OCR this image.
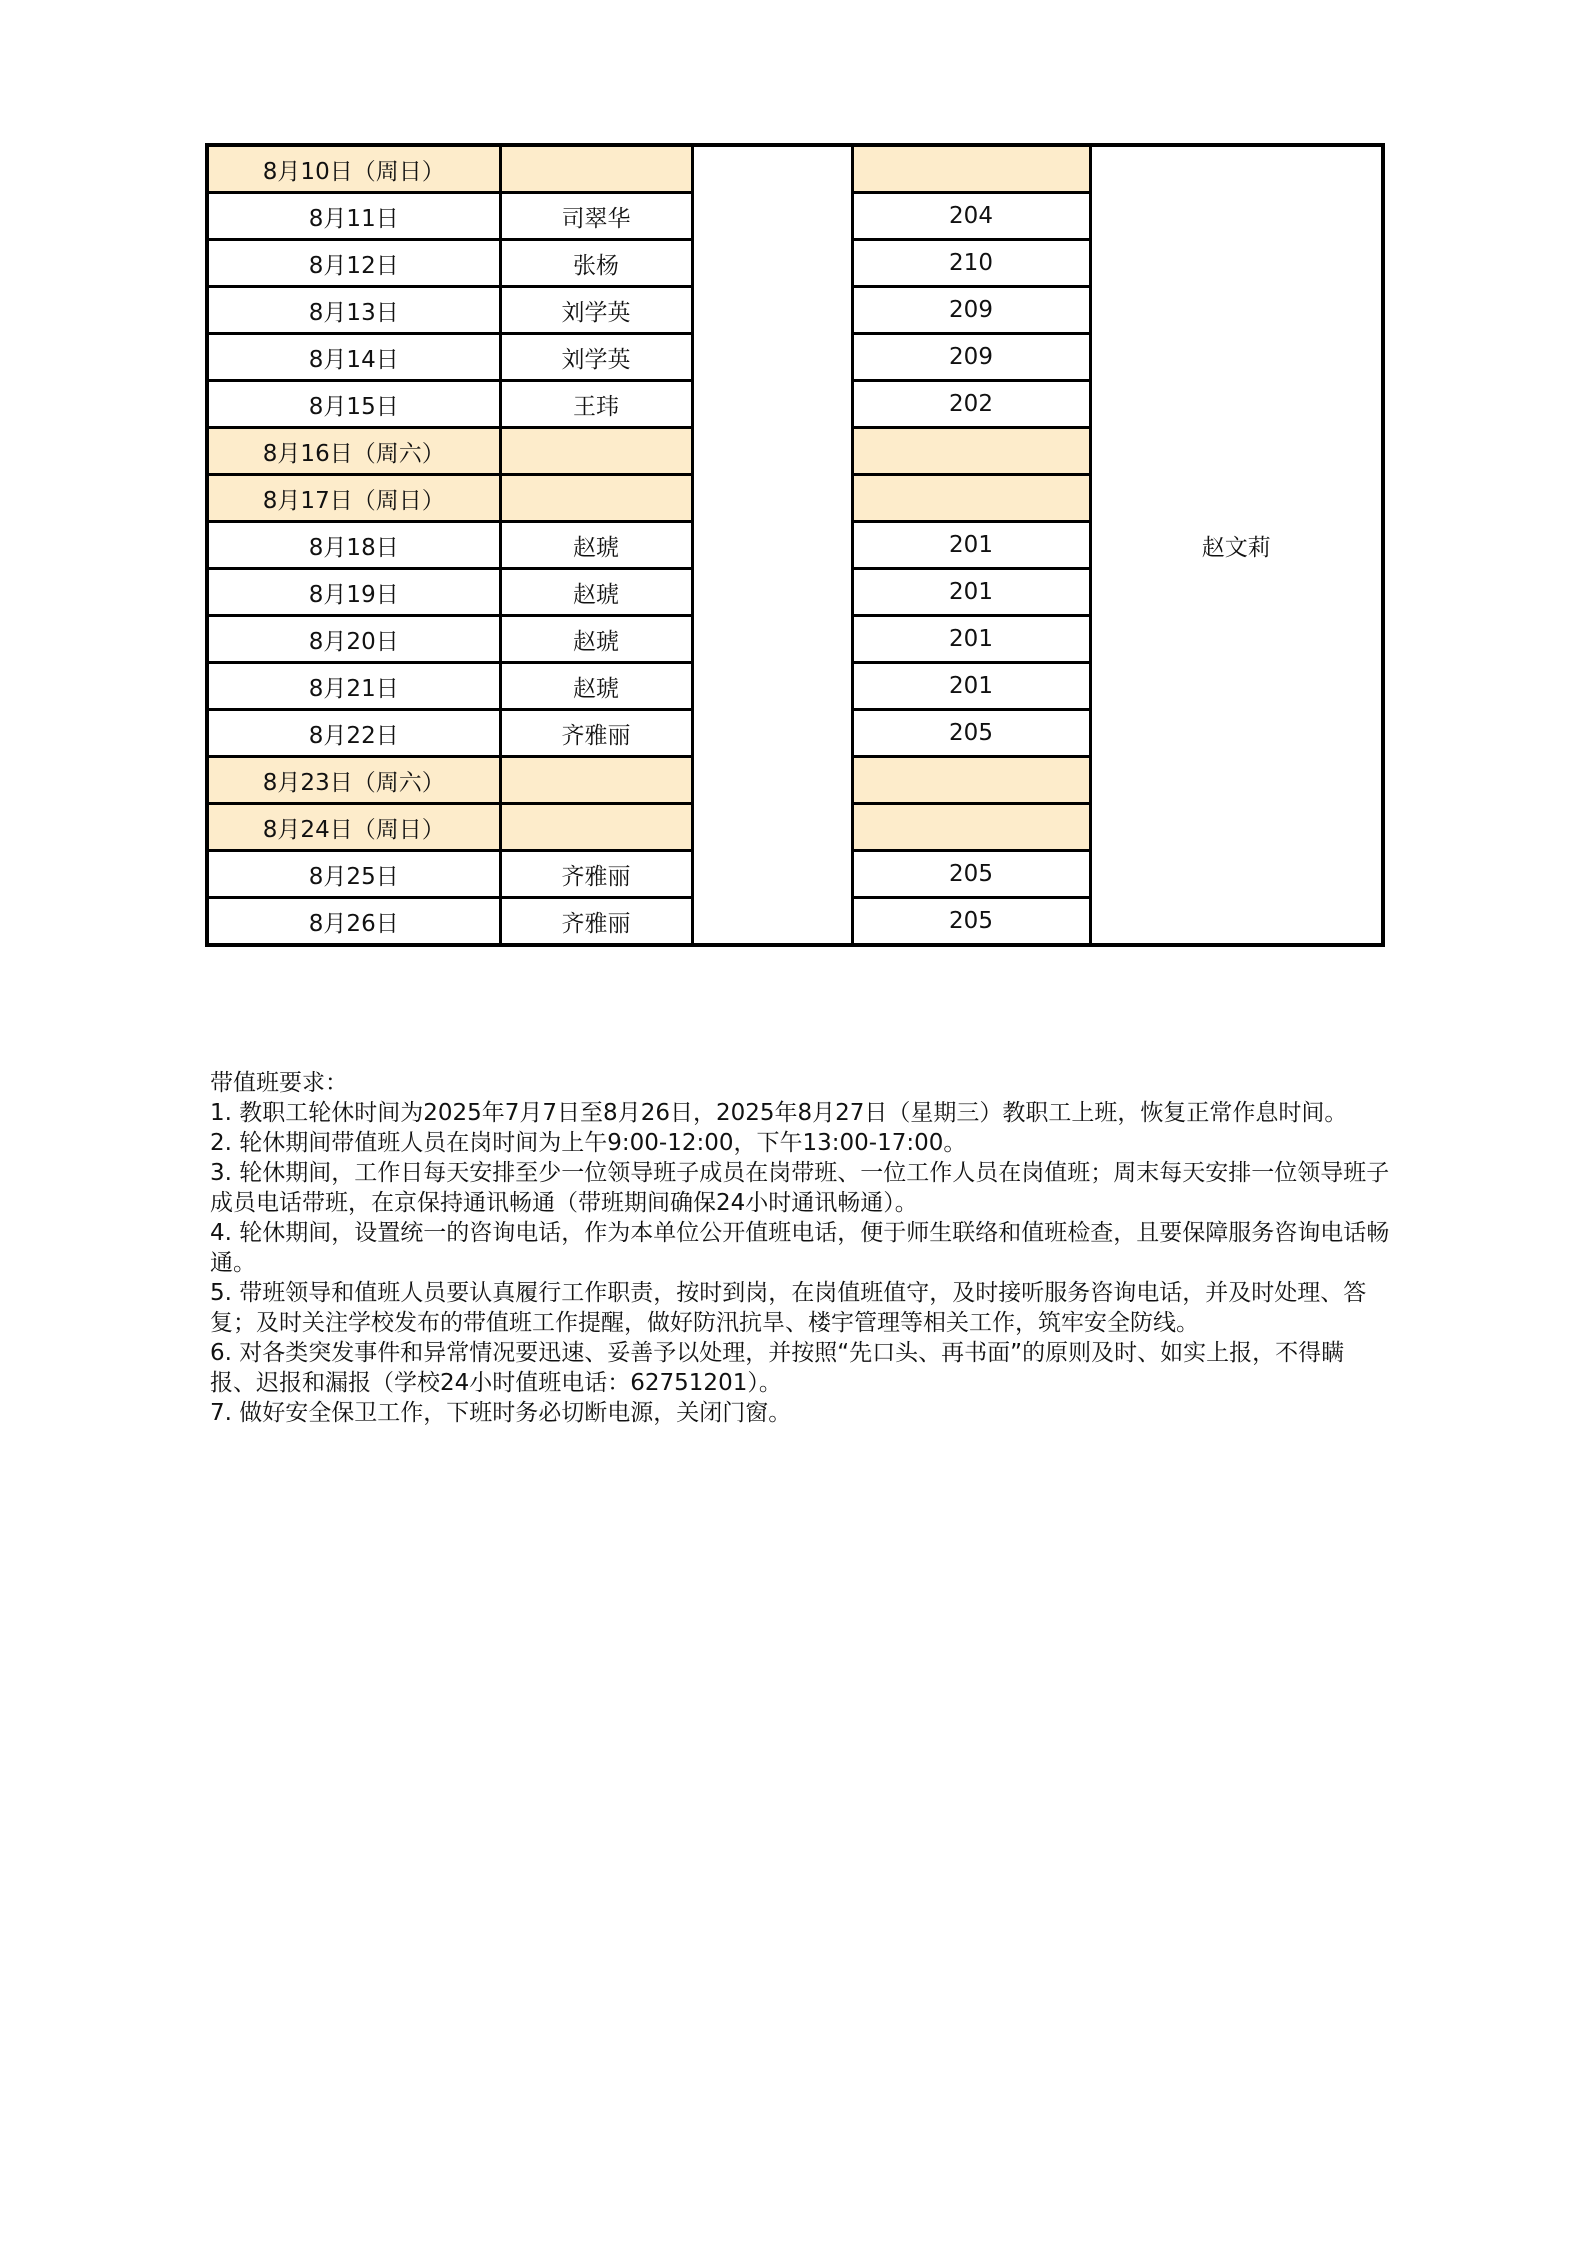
8月10日（周日）				赵文莉
8月11日	司翠华		204	
8月12日	张杨		210	
8月13日	刘学英		209	
8月14日	刘学英		209	
8月15日	王玮		202	
8月16日（周六）				
8月17日（周日）				
8月18日	赵琥		201	
8月19日	赵琥		201	
8月20日	赵琥		201	
8月21日	赵琥		201	
8月22日	齐雅丽		205	
8月23日（周六）				
8月24日（周日）				
8月25日	齐雅丽		205	
8月26日	齐雅丽		205	

带值班要求：

1. 教职工轮休时间为2025年7月7日至8月26日，2025年8月27日（星期三）教职工上班，恢复正常作息时间。

2. 轮休期间带值班人员在岗时间为上午9:00-12:00，下午13:00-17:00。

3. 轮休期间，工作日每天安排至少一位领导班子成员在岗带班、一位工作人员在岗值班；周末每天安排一位领导班子成员电话带班，在京保持通讯畅通（带班期间确保24小时通讯畅通）。

4. 轮休期间，设置统一的咨询电话，作为本单位公开值班电话，便于师生联络和值班检查，且要保障服务咨询电话畅通。

5. 带班领导和值班人员要认真履行工作职责，按时到岗，在岗值班值守，及时接听服务咨询电话，并及时处理、答复；及时关注学校发布的带值班工作提醒，做好防汛抗旱、楼宇管理等相关工作，筑牢安全防线。

6. 对各类突发事件和异常情况要迅速、妥善予以处理，并按照“先口头、再书面”的原则及时、如实上报，不得瞒报、迟报和漏报（学校24小时值班电话：62751201）。

7. 做好安全保卫工作，下班时务必切断电源，关闭门窗。
